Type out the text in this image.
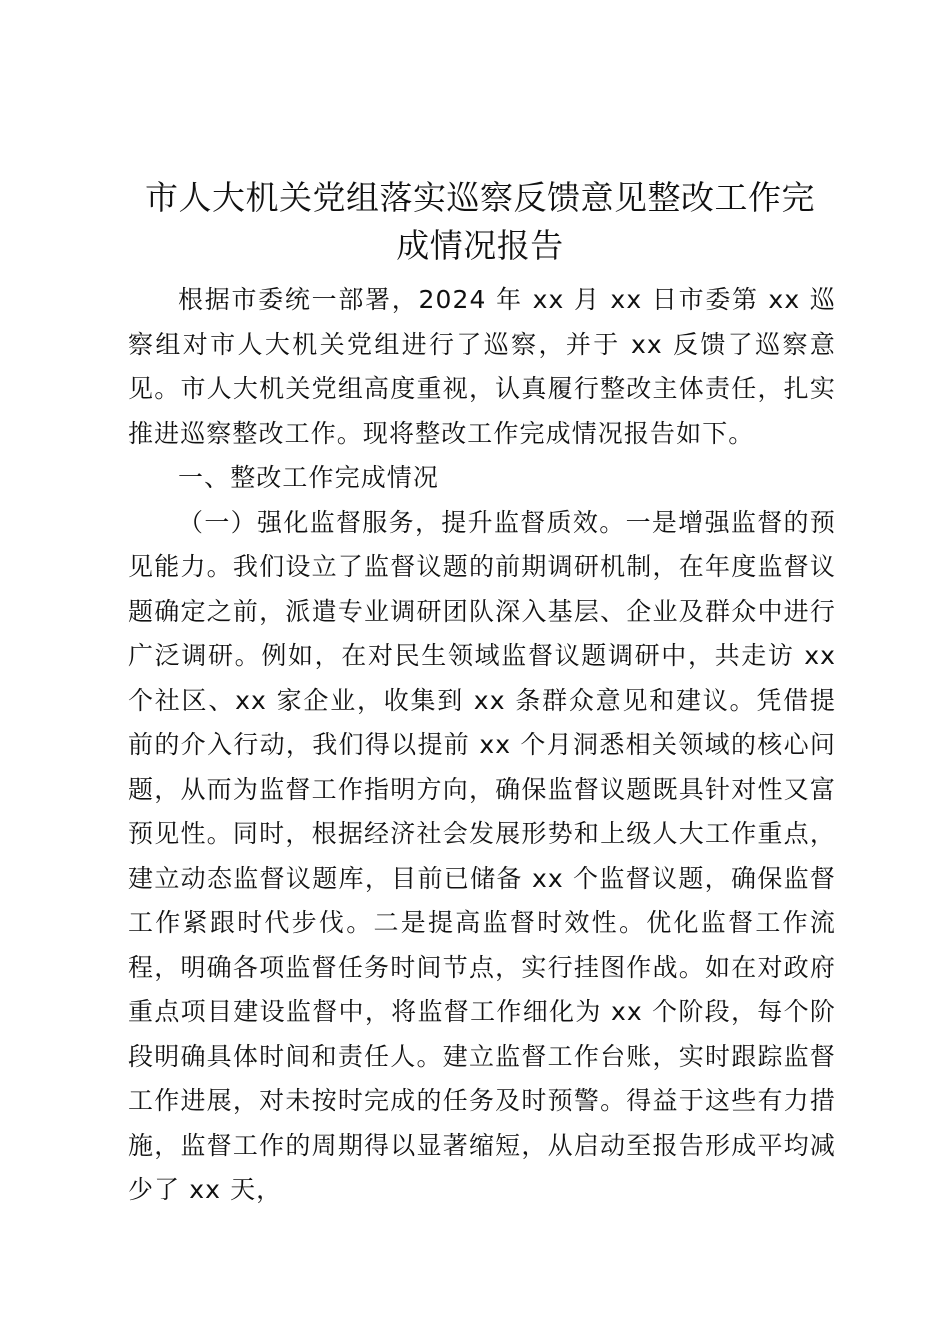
市人大机关党组落实巡察反馈意见整改工作完
成情况报告

根据市委统一部署，2024 年 xx 月 xx 日市委第 xx 巡察组对市人大机关党组进行了巡察，并于 xx 反馈了巡察意见。市人大机关党组高度重视，认真履行整改主体责任，扎实推进巡察整改工作。现将整改工作完成情况报告如下。

一、整改工作完成情况

（一）强化监督服务，提升监督质效。一是增强监督的预见能力。我们设立了监督议题的前期调研机制，在年度监督议题确定之前，派遣专业调研团队深入基层、企业及群众中进行广泛调研。例如，在对民生领域监督议题调研中，共走访 xx 个社区、xx 家企业，收集到 xx 条群众意见和建议。凭借提前的介入行动，我们得以提前 xx 个月洞悉相关领域的核心问题，从而为监督工作指明方向，确保监督议题既具针对性又富预见性。同时，根据经济社会发展形势和上级人大工作重点，建立动态监督议题库，目前已储备 xx 个监督议题，确保监督工作紧跟时代步伐。二是提高监督时效性。优化监督工作流程，明确各项监督任务时间节点，实行挂图作战。如在对政府重点项目建设监督中，将监督工作细化为 xx 个阶段，每个阶段明确具体时间和责任人。建立监督工作台账，实时跟踪监督工作进展，对未按时完成的任务及时预警。得益于这些有力措施，监督工作的周期得以显著缩短，从启动至报告形成平均减少了 xx 天，
